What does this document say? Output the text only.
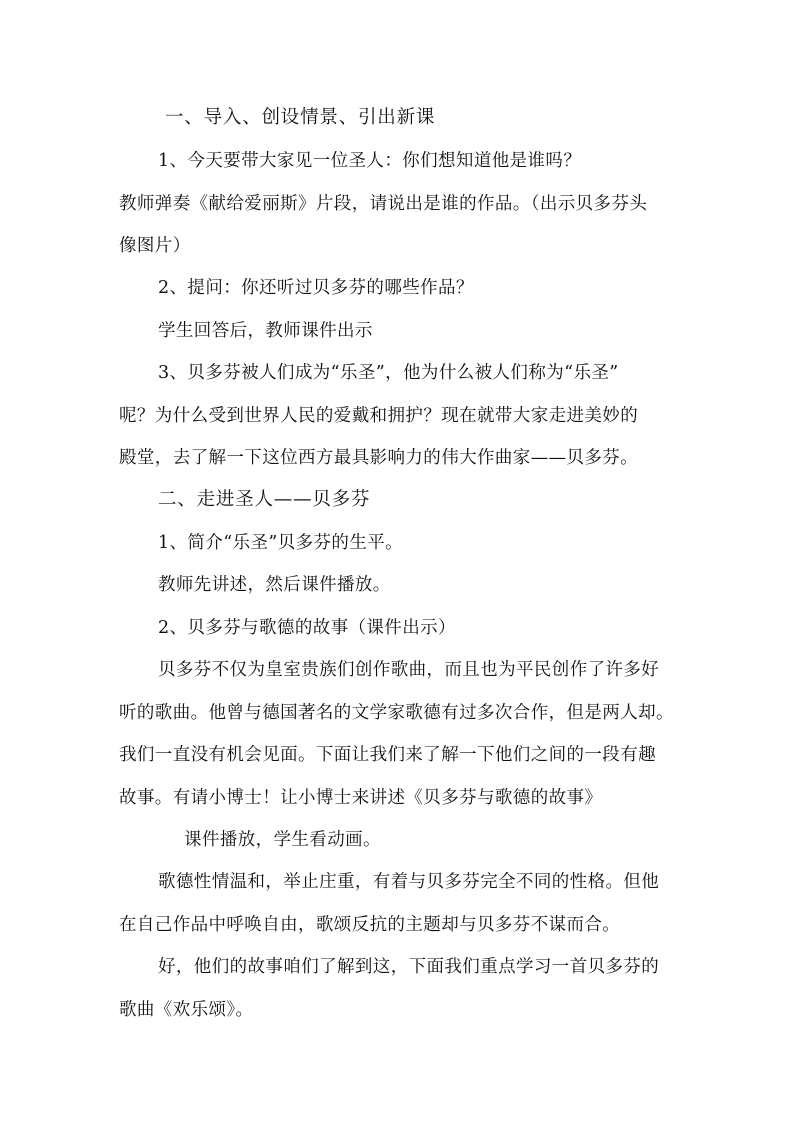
一、导入、创设情景、引出新课
1、今天要带大家见一位圣人：你们想知道他是谁吗？
教师弹奏《献给爱丽斯》片段，请说出是谁的作品。（出示贝多芬头
像图片）
2、提问：你还听过贝多芬的哪些作品？
学生回答后，教师课件出示
3、贝多芬被人们成为“乐圣”，他为什么被人们称为“乐圣”
呢？为什么受到世界人民的爱戴和拥护？现在就带大家走进美妙的
殿堂，去了解一下这位西方最具影响力的伟大作曲家——贝多芬。
二、走进圣人——贝多芬
1、简介“乐圣”贝多芬的生平。
教师先讲述，然后课件播放。
2、贝多芬与歌德的故事（课件出示）
贝多芬不仅为皇室贵族们创作歌曲，而且也为平民创作了许多好
听的歌曲。他曾与德国著名的文学家歌德有过多次合作，但是两人却。
我们一直没有机会见面。下面让我们来了解一下他们之间的一段有趣
故事。有请小博士！让小博士来讲述《贝多芬与歌德的故事》
课件播放，学生看动画。
歌德性情温和，举止庄重，有着与贝多芬完全不同的性格。但他
在自己作品中呼唤自由，歌颂反抗的主题却与贝多芬不谋而合。
好，他们的故事咱们了解到这，下面我们重点学习一首贝多芬的
歌曲《欢乐颂》。
